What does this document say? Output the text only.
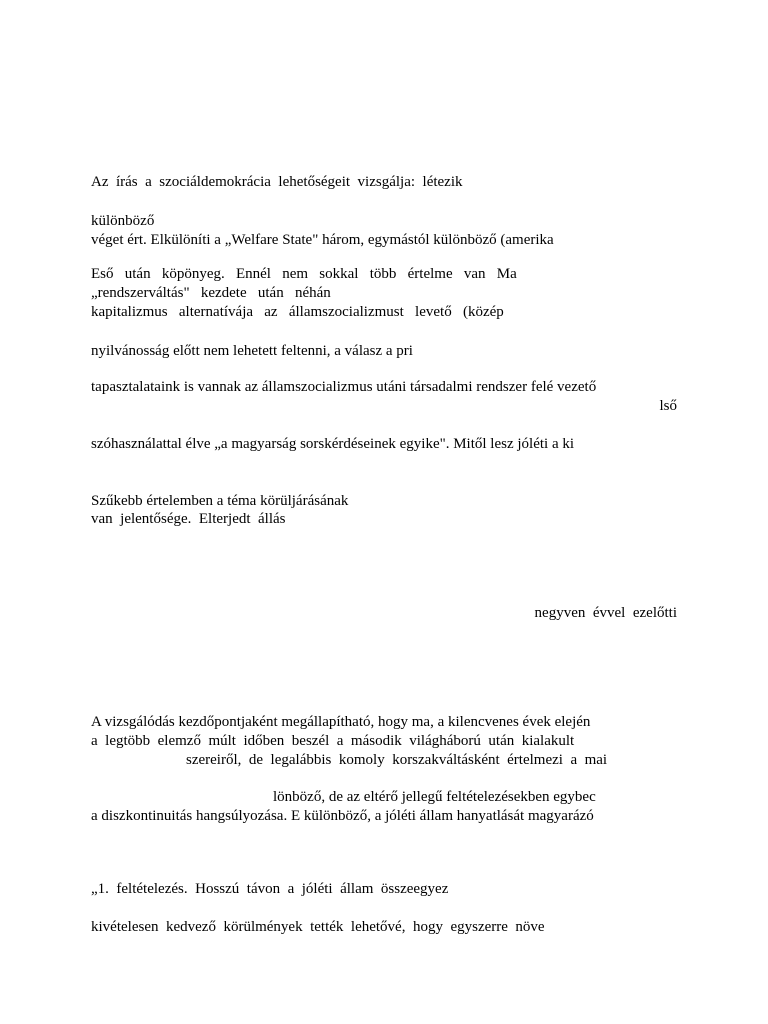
Az  írás  a  szociáldemokrácia  lehetőségeit  vizsgálja:  létezik

különböző

véget ért. Elkülöníti a „Welfare State" három, egymástól különböző (amerika

Eső   után   köpönyeg.   Ennél   nem   sokkal   több   értelme   van   Ma

„rendszerváltás"   kezdete   után   néhán

kapitalizmus   alternatívája   az   államszocializmust   levető   (közép

nyilvánosság előtt nem lehetett feltenni, a válasz a pri

tapasztalataink is vannak az államszocializmus utáni társadalmi rendszer felé vezető

lső

szóhasználattal élve „a magyarság sorskérdéseinek egyike". Mitől lesz jóléti a ki

Szűkebb értelemben a téma körüljárásának

van  jelentősége.  Elterjedt  állás

negyven  évvel  ezelőtti

A vizsgálódás kezdőpontjaként megállapítható, hogy ma, a kilencvenes évek elején

a  legtöbb  elemző  múlt  időben  beszél  a  második  világháború  után  kialakult

szereiről,  de  legalábbis  komoly  korszakváltásként  értelmezi  a  mai

lönböző, de az eltérő jellegű feltételezésekben egybec

a diszkontinuitás hangsúlyozása. E különböző, a jóléti állam hanyatlását magyarázó

„1.  feltételezés.  Hosszú  távon  a  jóléti  állam  összeegyez

kivételesen  kedvező  körülmények  tették  lehetővé,  hogy  egyszerre  növe
